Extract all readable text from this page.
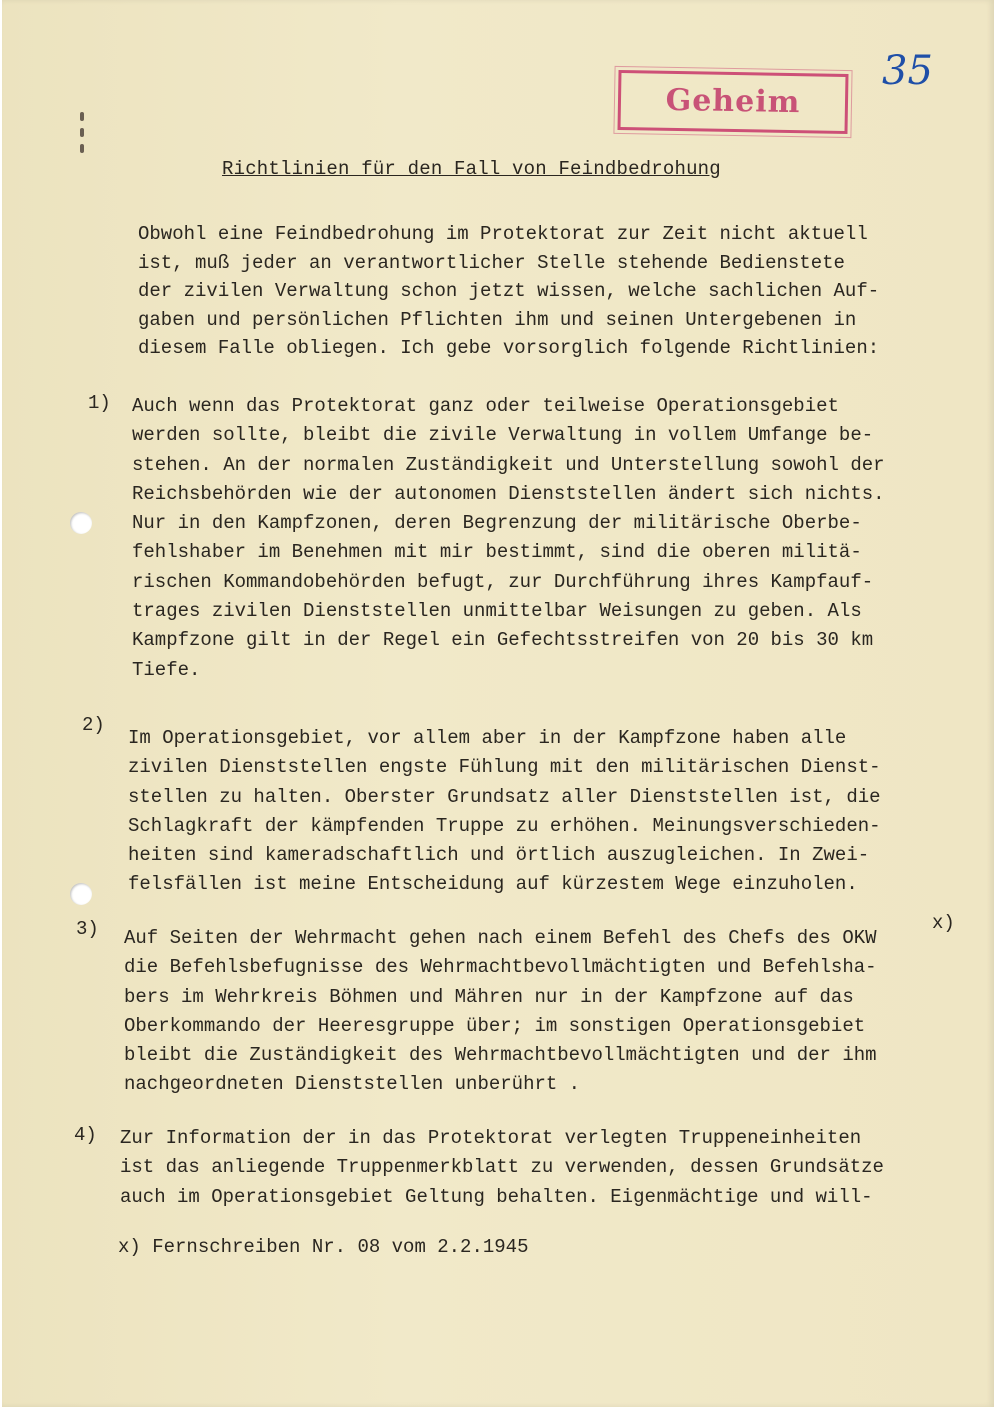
Geheim
35
Richtlinien für den Fall von Feindbedrohung
Obwohl eine Feindbedrohung im Protektorat zur Zeit nicht aktuell
ist, muß jeder an verantwortlicher Stelle stehende Bedienstete
der zivilen Verwaltung schon jetzt wissen, welche sachlichen Auf-
gaben und persönlichen Pflichten ihm und seinen Untergebenen in
diesem Falle obliegen. Ich gebe vorsorglich folgende Richtlinien:
1) Auch wenn das Protektorat ganz oder teilweise Operationsgebiet
werden sollte, bleibt die zivile Verwaltung in vollem Umfange be-
stehen. An der normalen Zuständigkeit und Unterstellung sowohl der
Reichsbehörden wie der autonomen Dienststellen ändert sich nichts.
Nur in den Kampfzonen, deren Begrenzung der militärische Oberbe-
fehlshaber im Benehmen mit mir bestimmt, sind die oberen militä-
rischen Kommandobehörden befugt, zur Durchführung ihres Kampfauf-
trages zivilen Dienststellen unmittelbar Weisungen zu geben. Als
Kampfzone gilt in der Regel ein Gefechtsstreifen von 20 bis 30 km
Tiefe.
2)
Im Operationsgebiet, vor allem aber in der Kampfzone haben alle
zivilen Dienststellen engste Fühlung mit den militärischen Dienst-
stellen zu halten. Oberster Grundsatz aller Dienststellen ist, die
Schlagkraft der kämpfenden Truppe zu erhöhen. Meinungsverschieden-
heiten sind kameradschaftlich und örtlich auszugleichen. In Zwei-
felsfällen ist meine Entscheidung auf kürzestem Wege einzuholen.
3)	x)
Auf Seiten der Wehrmacht gehen nach einem Befehl des Chefs des OKW
die Befehlsbefugnisse des Wehrmachtbevollmächtigten und Befehlsha-
bers im Wehrkreis Böhmen und Mähren nur in der Kampfzone auf das
Oberkommando der Heeresgruppe über; im sonstigen Operationsgebiet
bleibt die Zuständigkeit des Wehrmachtbevollmächtigten und der ihm
nachgeordneten Dienststellen unberührt .
4) Zur Information der in das Protektorat verlegten Truppeneinheiten
ist das anliegende Truppenmerkblatt zu verwenden, dessen Grundsätze
auch im Operationsgebiet Geltung behalten. Eigenmächtige und will-
x) Fernschreiben Nr. 08 vom 2.2.1945
